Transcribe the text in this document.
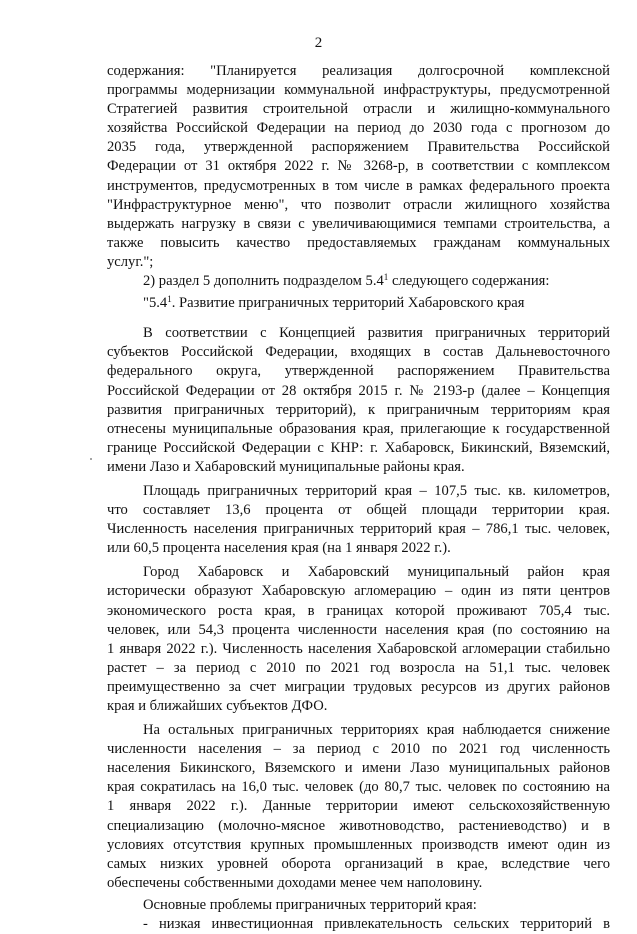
2

содержания: "Планируется реализация долгосрочной комплексной

программы модернизации коммунальной инфраструктуры, предусмотренной

Стратегией развития строительной отрасли и жилищно-коммунального

хозяйства Российской Федерации на период до 2030 года с прогнозом до

2035 года, утвержденной распоряжением Правительства Российской

Федерации от 31 октября 2022 г. № 3268-р, в соответствии с комплексом

инструментов, предусмотренных в том числе в рамках федерального проекта

"Инфраструктурное меню", что позволит отрасли жилищного хозяйства

выдержать нагрузку в связи с увеличивающимися темпами строительства, а

также повысить качество предоставляемых гражданам коммунальных

услуг.";

2) раздел 5 дополнить подразделом $5.4^1$ следующего содержания:

"$5.4^1$. Развитие приграничных территорий Хабаровского края

В соответствии с Концепцией развития приграничных территорий

субъектов Российской Федерации, входящих в состав Дальневосточного

федерального округа, утвержденной распоряжением Правительства

Российской Федерации от 28 октября 2015 г. № 2193-р (далее – Концепция

развития приграничных территорий), к приграничным территориям края

отнесены муниципальные образования края, прилегающие к государственной

границе Российской Федерации с КНР: г. Хабаровск, Бикинский, Вяземский,

имени Лазо и Хабаровский муниципальные районы края.

Площадь приграничных территорий края – 107,5 тыс. кв. километров,

что составляет 13,6 процента от общей площади территории края.

Численность населения приграничных территорий края – 786,1 тыс. человек,

или 60,5 процента населения края (на 1 января 2022 г.).

Город Хабаровск и Хабаровский муниципальный район края

исторически образуют Хабаровскую агломерацию – один из пяти центров

экономического роста края, в границах которой проживают 705,4 тыс.

человек, или 54,3 процента численности населения края (по состоянию на

1 января 2022 г.). Численность населения Хабаровской агломерации стабильно

растет – за период с 2010 по 2021 год возросла на 51,1 тыс. человек

преимущественно за счет миграции трудовых ресурсов из других районов

края и ближайших субъектов ДФО.

На остальных приграничных территориях края наблюдается снижение

численности населения – за период с 2010 по 2021 год численность

населения Бикинского, Вяземского и имени Лазо муниципальных районов

края сократилась на 16,0 тыс. человек (до 80,7 тыс. человек по состоянию на

1 января 2022 г.). Данные территории имеют сельскохозяйственную

специализацию (молочно-мясное животноводство, растениеводство) и в

условиях отсутствия крупных промышленных производств имеют один из

самых низких уровней оборота организаций в крае, вследствие чего

обеспечены собственными доходами менее чем наполовину.

Основные проблемы приграничных территорий края:

- низкая инвестиционная привлекательность сельских территорий в
